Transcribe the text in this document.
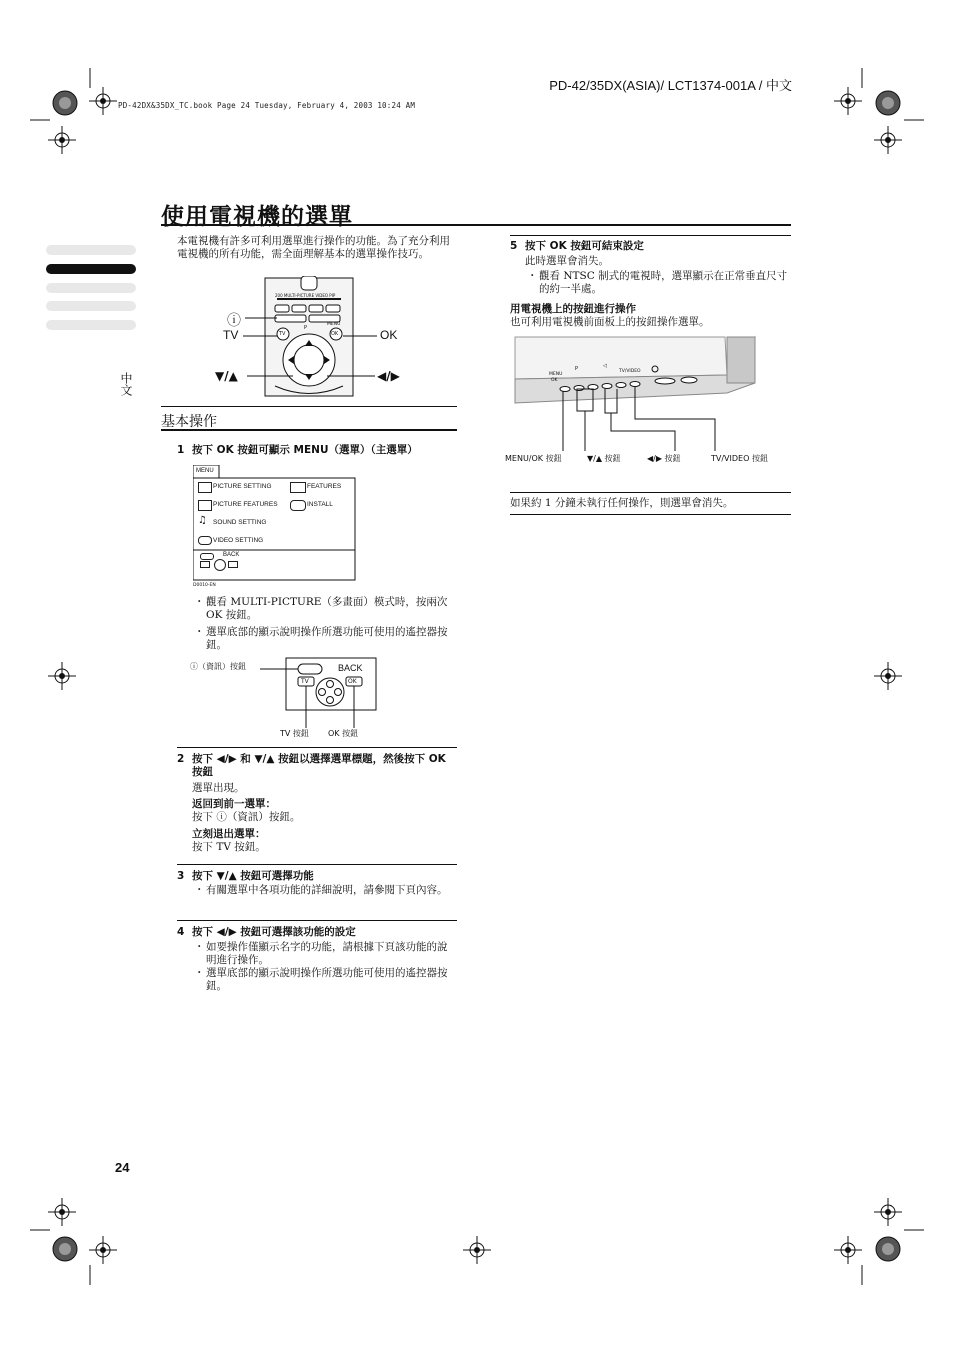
PD-42/35DX(ASIA)/ LCT1374-001A / 中文
PD-42DX&35DX_TC.book Page 24 Tuesday, February 4, 2003 10:24 AM
使用電視機的選單
中文
本電視機有許多可利用選單進行操作的功能。為了充分利用電視機的所有功能，需全面理解基本的選單操作技巧。
200 MULTI-PICTURE VIDEO PIP
MENU
TV	OK
P
ⓘ
TV	OK
▼/▲	◀/▶
基本操作
1 按下 OK 按鈕可顯示 MENU（選單）（主選單）
MENU
PICTURE SETTING	FEATURES
PICTURE FEATURES	INSTALL
♫ SOUND SETTING
VIDEO SETTING
BACK
D0010-EN
・ 觀看 MULTI-PICTURE（多畫面）模式時，按兩次 OK 按鈕。
・ 選單底部的顯示說明操作所選功能可使用的遙控器按鈕。
ⓘ（資訊）按鈕	BACK
TV	OK
TV 按鈕 OK 按鈕
2 按下 ◀/▶ 和 ▼/▲ 按鈕以選擇選單標題，然後按下 OK 按鈕
選單出現。
返回到前一選單：
按下 ⓘ（資訊）按鈕。
立刻退出選單：
按下 TV 按鈕。
3 按下 ▼/▲ 按鈕可選擇功能
・ 有關選單中各項功能的詳細說明，請參閱下頁內容。
4 按下 ◀/▶ 按鈕可選擇該功能的設定
・ 如要操作僅顯示名字的功能，請根據下頁該功能的說明進行操作。
・ 選單底部的顯示說明操作所選功能可使用的遙控器按鈕。
5 按下 OK 按鈕可結束設定
此時選單會消失。
・ 觀看 NTSC 制式的電視時，選單顯示在正常垂直尺寸的約一半處。
用電視機上的按鈕進行操作
也可利用電視機前面板上的按鈕操作選單。
MENU
P	◁
TV/VIDEO
OK
MENU/OK 按鈕	▼/▲ 按鈕	◀/▶ 按鈕	TV/VIDEO 按鈕
如果約 1 分鐘未執行任何操作，則選單會消失。
24
